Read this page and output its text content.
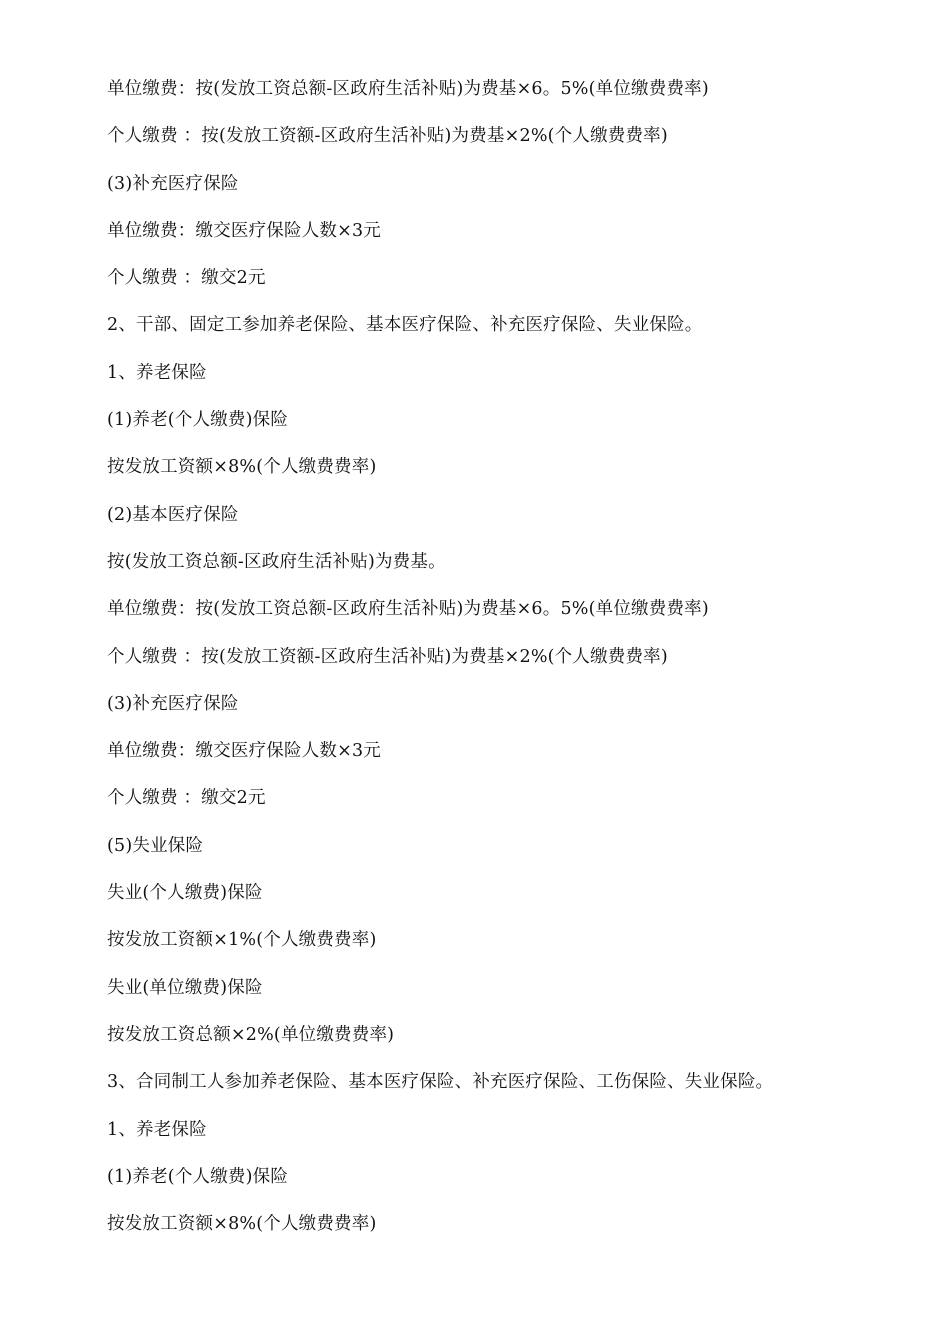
单位缴费：按(发放工资总额-区政府生活补贴)为费基×6。5%(单位缴费费率)
个人缴费 ：按(发放工资额-区政府生活补贴)为费基×2%(个人缴费费率)
(3)补充医疗保险
单位缴费：缴交医疗保险人数×3元
个人缴费 ：缴交2元
2、干部、固定工参加养老保险、基本医疗保险、补充医疗保险、失业保险。
1、养老保险
(1)养老(个人缴费)保险
按发放工资额×8%(个人缴费费率)
(2)基本医疗保险
按(发放工资总额-区政府生活补贴)为费基。
单位缴费：按(发放工资总额-区政府生活补贴)为费基×6。5%(单位缴费费率)
个人缴费 ：按(发放工资额-区政府生活补贴)为费基×2%(个人缴费费率)
(3)补充医疗保险
单位缴费：缴交医疗保险人数×3元
个人缴费 ：缴交2元
(5)失业保险
失业(个人缴费)保险
按发放工资额×1%(个人缴费费率)
失业(单位缴费)保险
按发放工资总额×2%(单位缴费费率)
3、合同制工人参加养老保险、基本医疗保险、补充医疗保险、工伤保险、失业保险。
1、养老保险
(1)养老(个人缴费)保险
按发放工资额×8%(个人缴费费率)
